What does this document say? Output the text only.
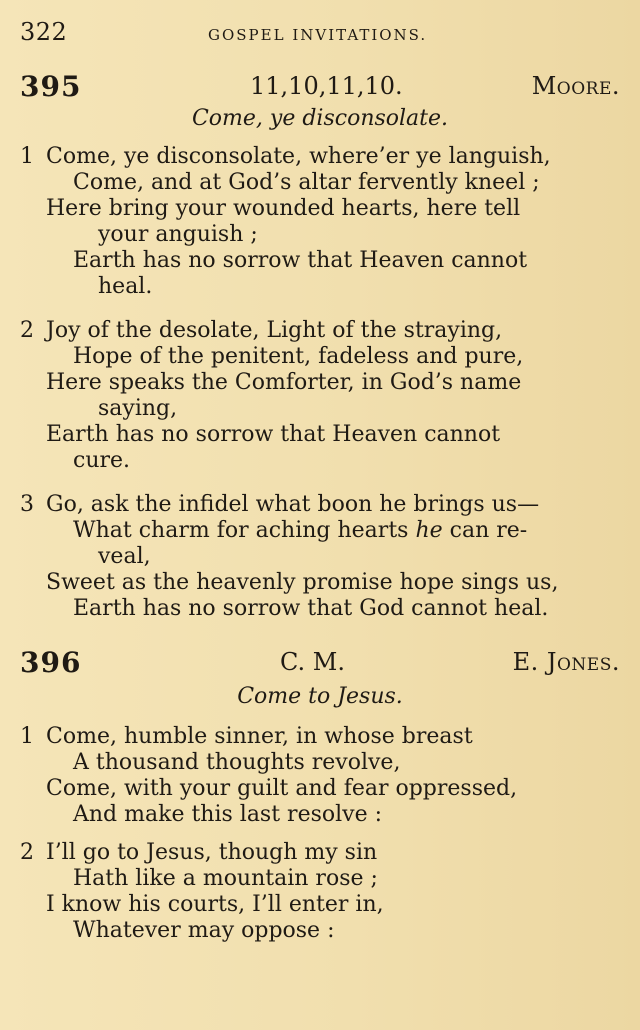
322	GOSPEL INVITATIONS.
395	11,10,11,10.	Moore.
Come, ye disconsolate.
1 Come, ye disconsolate, where’er ye languish,
Come, and at God’s altar fervently kneel ;
Here bring your wounded hearts, here tell
your anguish ;
Earth has no sorrow that Heaven cannot
heal.
2 Joy of the desolate, Light of the straying,
Hope of the penitent, fadeless and pure,
Here speaks the Comforter, in God’s name
saying,
Earth has no sorrow that Heaven cannot
cure.
3 Go, ask the infidel what boon he brings us—
What charm for aching hearts he can re-
veal,
Sweet as the heavenly promise hope sings us,
Earth has no sorrow that God cannot heal.
396	C. M.	E. Jones.
Come to Jesus.
1 Come, humble sinner, in whose breast
A thousand thoughts revolve,
Come, with your guilt and fear oppressed,
And make this last resolve :
2 I’ll go to Jesus, though my sin
Hath like a mountain rose ;
I know his courts, I’ll enter in,
Whatever may oppose :
